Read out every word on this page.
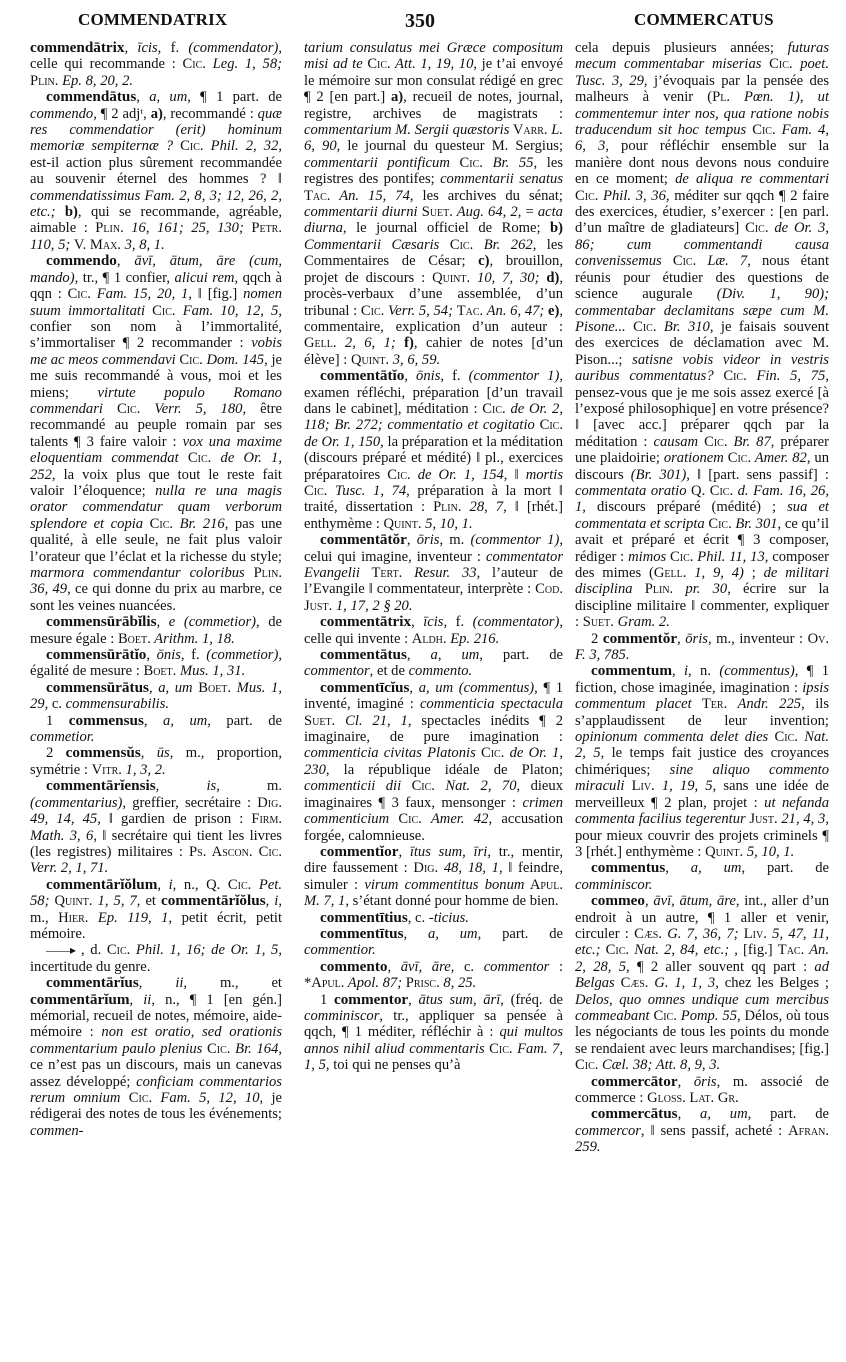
COMMENDATRIX	350	COMMERCATUS

commendātrix, īcis, f. (commendator), celle qui recommande : Cic. Leg. 1, 58; Plin. Ep. 8, 20, 2.

commendātus, a, um, ¶ 1 part. de commendo, ¶ 2 adjᵗ, a), recommandé : quæ res commendatior (erit) hominum memoriæ sempiternæ ? Cic. Phil. 2, 32, est-il action plus sûrement recommandée au souvenir éternel des hommes ? ‖ commendatissimus Fam. 2, 8, 3; 12, 26, 2, etc.; b), qui se recommande, agréable, aimable : Plin. 16, 161; 25, 130; Petr. 110, 5; V. Max. 3, 8, 1.

commendo, āvī, ātum, āre (cum, mando), tr., ¶ 1 confier, alicui rem, qqch à qqn : Cic. Fam. 15, 20, 1, ‖ [fig.] nomen suum immortalitati Cic. Fam. 10, 12, 5, confier son nom à l’immortalité, s’immortaliser ¶ 2 recommander : vobis me ac meos commendavi Cic. Dom. 145, je me suis recommandé à vous, moi et les miens; virtute populo Romano commendari Cic. Verr. 5, 180, être recommandé au peuple romain par ses talents ¶ 3 faire valoir : vox una maxime eloquentiam commendat Cic. de Or. 1, 252, la voix plus que tout le reste fait valoir l’éloquence; nulla re una magis orator commendatur quam verborum splendore et copia Cic. Br. 216, pas une qualité, à elle seule, ne fait plus valoir l’orateur que l’éclat et la richesse du style; marmora commendantur coloribus Plin. 36, 49, ce qui donne du prix au marbre, ce sont les veines nuancées.

commensūrābĭlis, e (commetior), de mesure égale : Boet. Arithm. 1, 18.

commensūrātĭo, ōnis, f. (commetior), égalité de mesure : Boet. Mus. 1, 31.

commensūrātus, a, um Boet. Mus. 1, 29, c. commensurabilis.

1 commensus, a, um, part. de commetior.

2 commensŭs, ūs, m., proportion, symétrie : Vitr. 1, 3, 2.

commentārĭensis, is, m. (commentarius), greffier, secrétaire : Dig. 49, 14, 45, ‖ gardien de prison : Firm. Math. 3, 6, ‖ secrétaire qui tient les livres (les registres) militaires : Ps. Ascon. Cic. Verr. 2, 1, 71.

commentārĭŏlum, i, n., Q. Cic. Pet. 58; Quint. 1, 5, 7, et commentārĭŏlus, i, m., Hier. Ep. 119, 1, petit écrit, petit mémoire.

——▸ , d. Cic. Phil. 1, 16; de Or. 1, 5, incertitude du genre.

commentārĭus, ii, m., et commentārĭum, ii, n., ¶ 1 [en gén.] mémorial, recueil de notes, mémoire, aide-mémoire : non est oratio, sed orationis commentarium paulo plenius Cic. Br. 164, ce n’est pas un discours, mais un canevas assez développé; conficiam commentarios rerum omnium Cic. Fam. 5, 12, 10, je rédigerai des notes de tous les événements; commen-

tarium consulatus mei Græce compositum misi ad te Cic. Att. 1, 19, 10, je t’ai envoyé le mémoire sur mon consulat rédigé en grec ¶ 2 [en part.] a), recueil de notes, journal, registre, archives de magistrats : commentarium M. Sergii quæstoris Varr. L. 6, 90, le journal du questeur M. Sergius; commentarii pontificum Cic. Br. 55, les registres des pontifes; commentarii senatus Tac. An. 15, 74, les archives du sénat; commentarii diurni Suet. Aug. 64, 2, = acta diurna, le journal officiel de Rome; b) Commentarii Cæsaris Cic. Br. 262, les Commentaires de César; c), brouillon, projet de discours : Quint. 10, 7, 30; d), procès-verbaux d’une assemblée, d’un tribunal : Cic. Verr. 5, 54; Tac. An. 6, 47; e), commentaire, explication d’un auteur : Gell. 2, 6, 1; f), cahier de notes [d’un élève] : Quint. 3, 6, 59.

commentātĭo, ōnis, f. (commentor 1), examen réfléchi, préparation [d’un travail dans le cabinet], méditation : Cic. de Or. 2, 118; Br. 272; commentatio et cogitatio Cic. de Or. 1, 150, la préparation et la méditation (discours préparé et médité) ‖ pl., exercices préparatoires Cic. de Or. 1, 154, ‖ mortis Cic. Tusc. 1, 74, préparation à la mort ‖ traité, dissertation : Plin. 28, 7, ‖ [rhét.] enthymème : Quint. 5, 10, 1.

commentātŏr, ōris, m. (commentor 1), celui qui imagine, inventeur : commentator Evangelii Tert. Resur. 33, l’auteur de l’Evangile ‖ commentateur, interprète : Cod. Just. 1, 17, 2 § 20.

commentātrix, īcis, f. (commentator), celle qui invente : Aldh. Ep. 216.

commentātus, a, um, part. de commentor, et de commento.

commentīcĭus, a, um (commentus), ¶ 1 inventé, imaginé : commenticia spectacula Suet. Cl. 21, 1, spectacles inédits ¶ 2 imaginaire, de pure imagination : commenticia civitas Platonis Cic. de Or. 1, 230, la république idéale de Platon; commenticii dii Cic. Nat. 2, 70, dieux imaginaires ¶ 3 faux, mensonger : crimen commenticium Cic. Amer. 42, accusation forgée, calomnieuse.

commentĭor, ītus sum, īri, tr., mentir, dire faussement : Dig. 48, 18, 1, ‖ feindre, simuler : virum commentitus bonum Apul. M. 7, 1, s’étant donné pour homme de bien.

commentītius, c. -ticius.

commentītus, a, um, part. de commentior.

commento, āvī, āre, c. commentor : *Apul. Apol. 87; Prisc. 8, 25.

1 commentor, ātus sum, ārī, (fréq. de comminiscor, tr., appliquer sa pensée à qqch, ¶ 1 méditer, réfléchir à : qui multos annos nihil aliud commentaris Cic. Fam. 7, 1, 5, toi qui ne penses qu’à

cela depuis plusieurs années; futuras mecum commentabar miserias Cic. poet. Tusc. 3, 29, j’évoquais par la pensée des malheurs à venir (Pl. Pœn. 1), ut commentemur inter nos, qua ratione nobis traducendum sit hoc tempus Cic. Fam. 4, 6, 3, pour réfléchir ensemble sur la manière dont nous devons nous conduire en ce moment; de aliqua re commentari Cic. Phil. 3, 36, méditer sur qqch ¶ 2 faire des exercices, étudier, s’exercer : [en parl. d’un maître de gladiateurs] Cic. de Or. 3, 86; cum commentandi causa convenissemus Cic. Læ. 7, nous étant réunis pour étudier des questions de science augurale (Div. 1, 90); commentabar declamitans sæpe cum M. Pisone... Cic. Br. 310, je faisais souvent des exercices de déclamation avec M. Pison...; satisne vobis videor in vestris auribus commentatus? Cic. Fin. 5, 75, pensez-vous que je me sois assez exercé [à l’exposé philosophique] en votre présence? ‖ [avec acc.] préparer qqch par la méditation : causam Cic. Br. 87, préparer une plaidoirie; orationem Cic. Amer. 82, un discours (Br. 301), ‖ [part. sens passif] : commentata oratio Q. Cic. d. Fam. 16, 26, 1, discours préparé (médité) ; sua et commentata et scripta Cic. Br. 301, ce qu’il avait et préparé et écrit ¶ 3 composer, rédiger : mimos Cic. Phil. 11, 13, composer des mimes (Gell. 1, 9, 4) ; de militari disciplina Plin. pr. 30, écrire sur la discipline militaire ‖ commenter, expliquer : Suet. Gram. 2.

2 commentŏr, ōris, m., inventeur : Ov. F. 3, 785.

commentum, i, n. (commentus), ¶ 1 fiction, chose imaginée, imagination : ipsis commentum placet Ter. Andr. 225, ils s’applaudissent de leur invention; opinionum commenta delet dies Cic. Nat. 2, 5, le temps fait justice des croyances chimériques; sine aliquo commento miraculi Liv. 1, 19, 5, sans une idée de merveilleux ¶ 2 plan, projet : ut nefanda commenta facilius tegerentur Just. 21, 4, 3, pour mieux couvrir des projets criminels ¶ 3 [rhét.] enthymème : Quint. 5, 10, 1.

commentus, a, um, part. de comminiscor.

commeo, āvī, ātum, āre, int., aller d’un endroit à un autre, ¶ 1 aller et venir, circuler : Cæs. G. 7, 36, 7; Liv. 5, 47, 11, etc.; Cic. Nat. 2, 84, etc.; , [fig.] Tac. An. 2, 28, 5, ¶ 2 aller souvent qq part : ad Belgas Cæs. G. 1, 1, 3, chez les Belges ; Delos, quo omnes undique cum mercibus commeabant Cic. Pomp. 55, Délos, où tous les négociants de tous les points du monde se rendaient avec leurs marchandises; [fig.] Cic. Cæl. 38; Att. 8, 9, 3.

commercātor, ōris, m. associé de commerce : Gloss. Lat. Gr.

commercātus, a, um, part. de commercor, ‖ sens passif, acheté : Afran. 259.
